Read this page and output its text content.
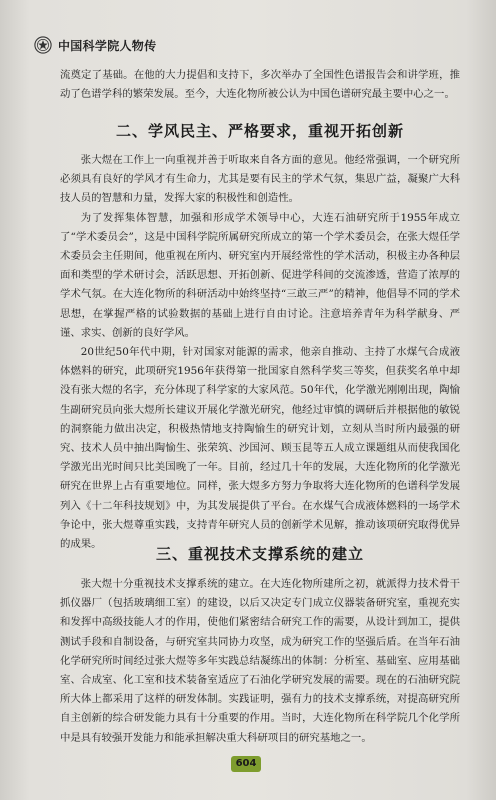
中国科学院人物传

流奠定了基础。在他的大力提倡和支持下，多次举办了全国性色谱报告会和讲学班，推动了色谱学科的繁荣发展。至今，大连化物所被公认为中国色谱研究最主要中心之一。

二、学风民主、严格要求，重视开拓创新

张大煜在工作上一向重视并善于听取来自各方面的意见。他经常强调，一个研究所必须具有良好的学风才有生命力，尤其是要有民主的学术气氛，集思广益，凝聚广大科技人员的智慧和力量，发挥大家的积极性和创造性。

为了发挥集体智慧，加强和形成学术领导中心，大连石油研究所于1955年成立了“学术委员会”，这是中国科学院所属研究所成立的第一个学术委员会，在张大煜任学术委员会主任期间，他重视在所内、研究室内开展经常性的学术活动，积极主办各种层面和类型的学术研讨会，活跃思想、开拓创新、促进学科间的交流渗透，营造了浓厚的学术气氛。在大连化物所的科研活动中始终坚持“三敢三严”的精神，他倡导不同的学术思想，在掌握严格的试验数据的基础上进行自由讨论。注意培养青年为科学献身、严谨、求实、创新的良好学风。

20世纪50年代中期，针对国家对能源的需求，他亲自推动、主持了水煤气合成液体燃料的研究，此项研究1956年获得第一批国家自然科学奖三等奖，但获奖名单中却没有张大煜的名字，充分体现了科学家的大家风范。50年代，化学激光刚刚出现，陶愉生副研究员向张大煜所长建议开展化学激光研究，他经过审慎的调研后并根据他的敏锐的洞察能力做出决定，积极热情地支持陶愉生的研究计划，立刻从当时所内最强的研究、技术人员中抽出陶愉生、张荣筑、沙国河、顾玉昆等五人成立课题组从而使我国化学激光出光时间只比美国晚了一年。目前，经过几十年的发展，大连化物所的化学激光研究在世界上占有重要地位。同样，张大煜多方努力争取将大连化物所的色谱科学发展列入《十二年科技规划》中，为其发展提供了平台。在水煤气合成液体燃料的一场学术争论中，张大煜尊重实践，支持青年研究人员的创新学术见解，推动该项研究取得优异的成果。

三、重视技术支撑系统的建立

张大煜十分重视技术支撑系统的建立。在大连化物所建所之初，就派得力技术骨干抓仪器厂（包括玻璃细工室）的建设，以后又决定专门成立仪器装备研究室，重视充实和发挥中高级技能人才的作用，使他们紧密结合研究工作的需要，从设计到加工，提供测试手段和自制设备，与研究室共同协力攻坚，成为研究工作的坚强后盾。在当年石油化学研究所时间经过张大煜等多年实践总结凝练出的体制：分析室、基础室、应用基础室、合成室、化工室和技术装备室适应了石油化学研究发展的需要。现在的石油研究院所大体上都采用了这样的研发体制。实践证明，强有力的技术支撑系统，对提高研究所自主创新的综合研发能力具有十分重要的作用。当时，大连化物所在科学院几个化学所中是具有较强开发能力和能承担解决重大科研项目的研究基地之一。

604
